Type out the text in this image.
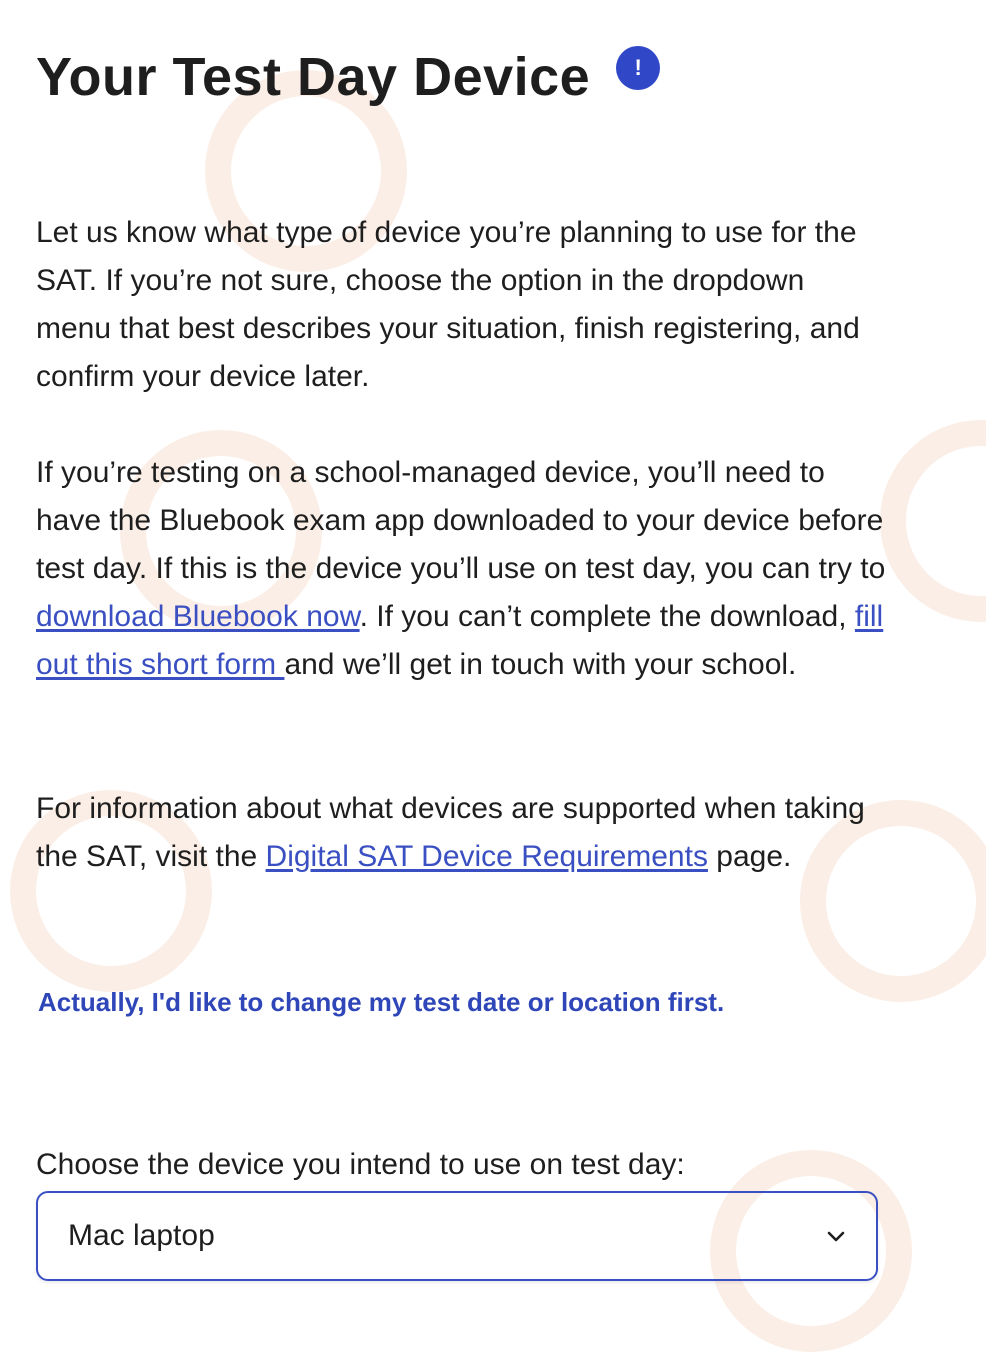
Your Test Day Device !

Let us know what type of device you’re planning to use for the SAT. If you’re not sure, choose the option in the dropdown menu that best describes your situation, finish registering, and confirm your device later.

If you’re testing on a school-managed device, you’ll need to have the Bluebook exam app downloaded to your device before test day. If this is the device you’ll use on test day, you can try to download Bluebook now. If you can’t complete the download, fill out this short form and we’ll get in touch with your school.

For information about what devices are supported when taking the SAT, visit the Digital SAT Device Requirements page.

Actually, I'd like to change my test date or location first.
Choose the device you intend to use on test day:
Mac laptop
